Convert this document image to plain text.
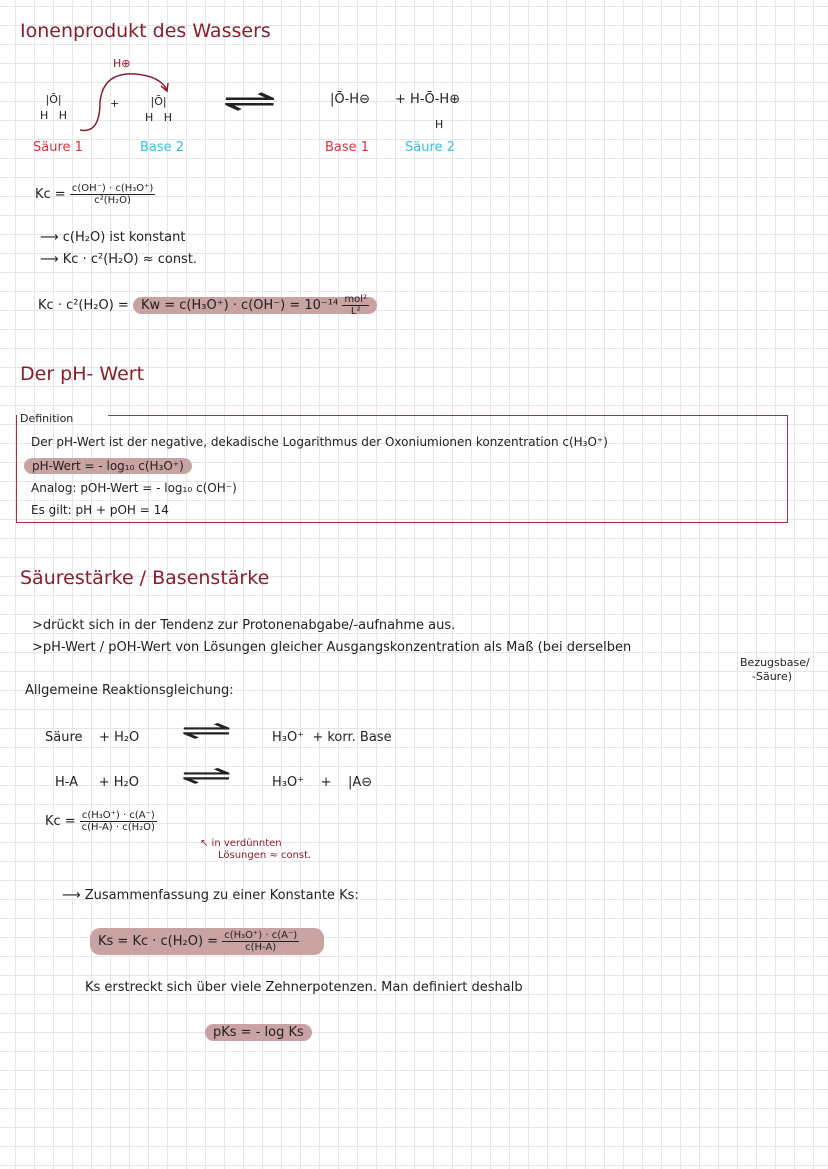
Ionenprodukt des Wassers
H⊕
|Ō|
H   H
+	|Ō|
H   H ⇌	|Ō-H⊖ + H-Ō-H⊕
H
Säure 1	Base 2	Base 1	Säure 2
$Kc = \frac{\text{c(OH⁻) · c(H₃O⁺)}}{\text{c²(H₂O)}}$
⟶ c(H₂O) ist konstant
⟶ Kc · c²(H₂O) ≈ const.
$Kc \cdot c^2(H_2O) = Kw = c(H_3O^+) \cdot c(OH^-) = 10^{-14} \frac{\text{mol²}}{\text{L²}}$
Der pH- Wert
Definition
Der pH-Wert ist der negative, dekadische Logarithmus der Oxoniumionen konzentration c(H₃O⁺)
pH-Wert = - log₁₀ c(H₃O⁺)
Analog: pOH-Wert = - log₁₀ c(OH⁻)
Es gilt: pH + pOH = 14
Säurestärke / Basenstärke
>drückt sich in der Tendenz zur Protonenabgabe/-aufnahme aus.
>pH-Wert / pOH-Wert von Lösungen gleicher Ausgangskonzentration als Maß (bei derselben
Bezugsbase/
-Säure)
Allgemeine Reaktionsgleichung:
Säure    + H₂O ⇌	H₃O⁺  + korr. Base
H-A     + H₂O ⇌	H₃O⁺    +    |A⊖
$Kc = \frac{\text{c(H₃O⁺) · c(A⁻)}}{\text{c(H-A) · c(H₂O)}}$
↖ in verdünnten
Lösungen ≈ const.
⟶ Zusammenfassung zu einer Konstante Ks:
$Ks = Kc \cdot c(H_2O) = \frac{\text{c(H₃O⁺) · c(A⁻)}}{c(H-A)}$
Ks erstreckt sich über viele Zehnerpotenzen. Man definiert deshalb
pKs = - log Ks
